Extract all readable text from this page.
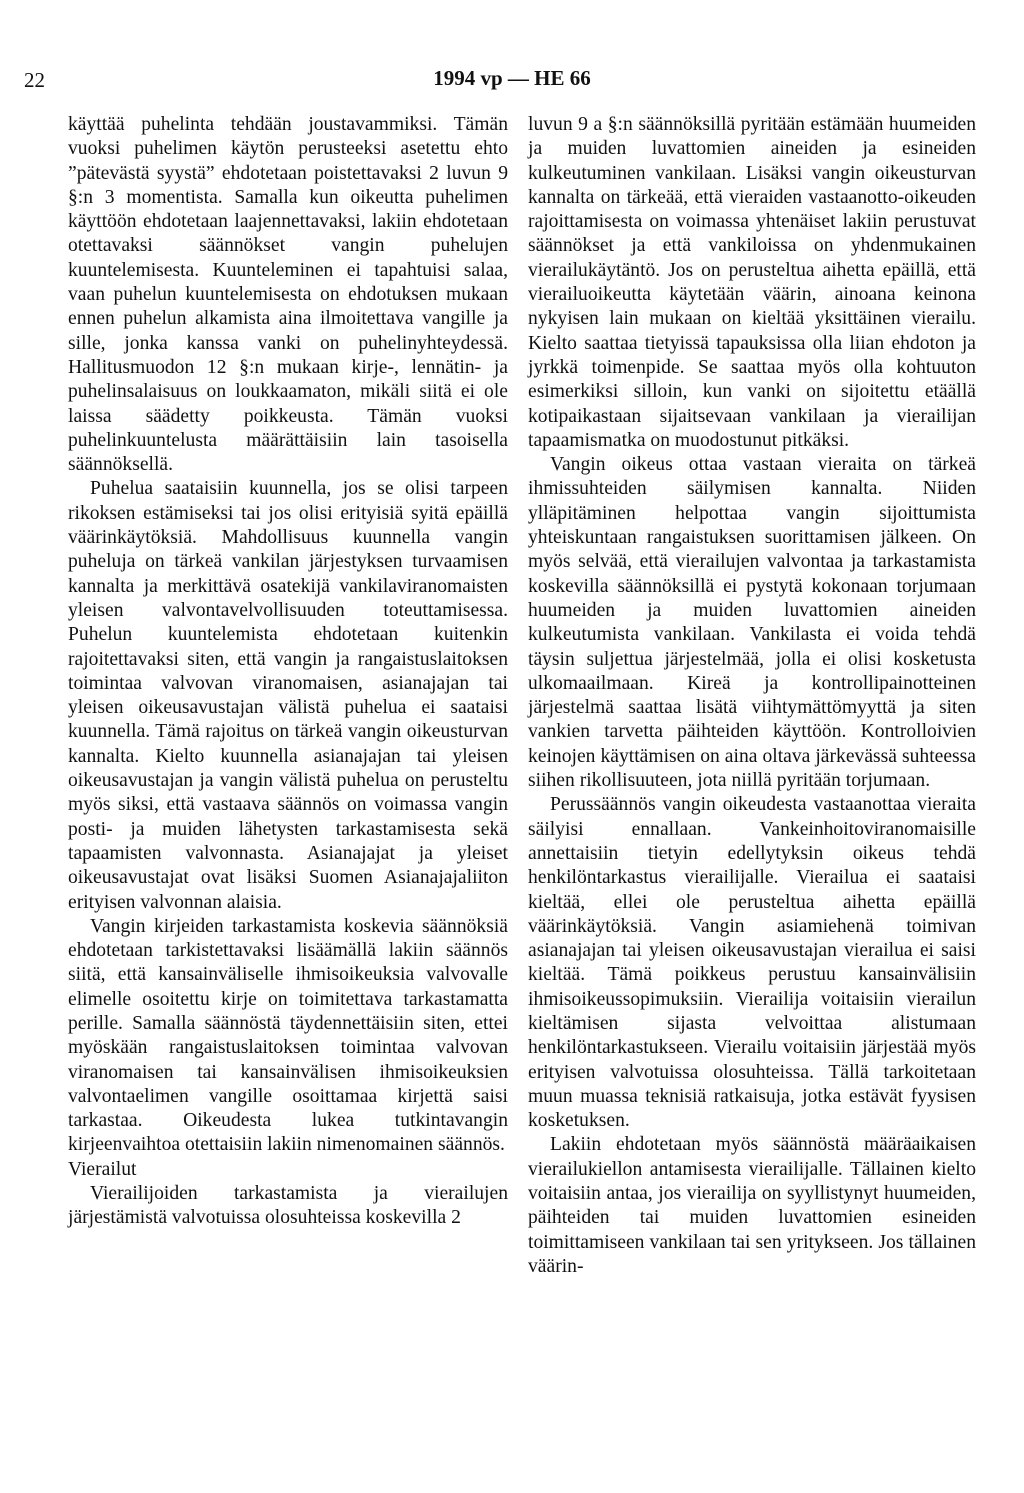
22	1994 vp — HE 66

käyttää puhelinta tehdään joustavammiksi. Tämän vuoksi puhelimen käytön perusteeksi asetettu ehto ”pätevästä syystä” ehdotetaan poistettavaksi 2 luvun 9 §:n 3 momentista. Samalla kun oikeutta puhelimen käyttöön ehdotetaan laajennettavaksi, lakiin ehdotetaan otettavaksi säännökset vangin puhelujen kuuntelemisesta. Kuunteleminen ei tapahtuisi salaa, vaan puhelun kuuntelemisesta on ehdotuksen mukaan ennen puhelun alkamista aina ilmoitettava vangille ja sille, jonka kanssa vanki on puhelinyhteydessä. Hallitusmuodon 12 §:n mukaan kirje-, lennätin- ja puhelinsalaisuus on loukkaamaton, mikäli siitä ei ole laissa säädetty poikkeusta. Tämän vuoksi puhelinkuuntelusta määrättäisiin lain tasoisella säännöksellä.

Puhelua saataisiin kuunnella, jos se olisi tarpeen rikoksen estämiseksi tai jos olisi erityisiä syitä epäillä väärinkäytöksiä. Mahdollisuus kuunnella vangin puheluja on tärkeä vankilan järjestyksen turvaamisen kannalta ja merkittävä osatekijä vankilaviranomaisten yleisen valvontavelvollisuuden toteuttamisessa. Puhelun kuuntelemista ehdotetaan kuitenkin rajoitettavaksi siten, että vangin ja rangaistuslaitoksen toimintaa valvovan viranomaisen, asianajajan tai yleisen oikeusavustajan välistä puhelua ei saataisi kuunnella. Tämä rajoitus on tärkeä vangin oikeusturvan kannalta. Kielto kuunnella asianajajan tai yleisen oikeusavustajan ja vangin välistä puhelua on perusteltu myös siksi, että vastaava säännös on voimassa vangin posti- ja muiden lähetysten tarkastamisesta sekä tapaamisten valvonnasta. Asianajajat ja yleiset oikeusavustajat ovat lisäksi Suomen Asianajajaliiton erityisen valvonnan alaisia.

Vangin kirjeiden tarkastamista koskevia säännöksiä ehdotetaan tarkistettavaksi lisäämällä lakiin säännös siitä, että kansainväliselle ihmisoikeuksia valvovalle elimelle osoitettu kirje on toimitettava tarkastamatta perille. Samalla säännöstä täydennettäisiin siten, ettei myöskään rangaistuslaitoksen toimintaa valvovan viranomaisen tai kansainvälisen ihmisoikeuksien valvontaelimen vangille osoittamaa kirjettä saisi tarkastaa. Oikeudesta lukea tutkintavangin kirjeenvaihtoa otettaisiin lakiin nimenomainen säännös.

Vierailut

Vierailijoiden tarkastamista ja vierailujen järjestämistä valvotuissa olosuhteissa koskevilla 2

luvun 9 a §:n säännöksillä pyritään estämään huumeiden ja muiden luvattomien aineiden ja esineiden kulkeutuminen vankilaan. Lisäksi vangin oikeusturvan kannalta on tärkeää, että vieraiden vastaanotto-oikeuden rajoittamisesta on voimassa yhtenäiset lakiin perustuvat säännökset ja että vankiloissa on yhdenmukainen vierailukäytäntö. Jos on perusteltua aihetta epäillä, että vierailuoikeutta käytetään väärin, ainoana keinona nykyisen lain mukaan on kieltää yksittäinen vierailu. Kielto saattaa tietyissä tapauksissa olla liian ehdoton ja jyrkkä toimenpide. Se saattaa myös olla kohtuuton esimerkiksi silloin, kun vanki on sijoitettu etäällä kotipaikastaan sijaitsevaan vankilaan ja vierailijan tapaamismatka on muodostunut pitkäksi.

Vangin oikeus ottaa vastaan vieraita on tärkeä ihmissuhteiden säilymisen kannalta. Niiden ylläpitäminen helpottaa vangin sijoittumista yhteiskuntaan rangaistuksen suorittamisen jälkeen. On myös selvää, että vierailujen valvontaa ja tarkastamista koskevilla säännöksillä ei pystytä kokonaan torjumaan huumeiden ja muiden luvattomien aineiden kulkeutumista vankilaan. Vankilasta ei voida tehdä täysin suljettua järjestelmää, jolla ei olisi kosketusta ulkomaailmaan. Kireä ja kontrollipainotteinen järjestelmä saattaa lisätä viihtymättömyyttä ja siten vankien tarvetta päihteiden käyttöön. Kontrolloivien keinojen käyttämisen on aina oltava järkevässä suhteessa siihen rikollisuuteen, jota niillä pyritään torjumaan.

Perussäännös vangin oikeudesta vastaanottaa vieraita säilyisi ennallaan. Vankeinhoitoviranomaisille annettaisiin tietyin edellytyksin oikeus tehdä henkilöntarkastus vierailijalle. Vierailua ei saataisi kieltää, ellei ole perusteltua aihetta epäillä väärinkäytöksiä. Vangin asiamiehenä toimivan asianajajan tai yleisen oikeusavustajan vierailua ei saisi kieltää. Tämä poikkeus perustuu kansainvälisiin ihmisoikeussopimuksiin. Vierailija voitaisiin vierailun kieltämisen sijasta velvoittaa alistumaan henkilöntarkastukseen. Vierailu voitaisiin järjestää myös erityisen valvotuissa olosuhteissa. Tällä tarkoitetaan muun muassa teknisiä ratkaisuja, jotka estävät fyysisen kosketuksen.

Lakiin ehdotetaan myös säännöstä määräaikaisen vierailukiellon antamisesta vierailijalle. Tällainen kielto voitaisiin antaa, jos vierailija on syyllistynyt huumeiden, päihteiden tai muiden luvattomien esineiden toimittamiseen vankilaan tai sen yritykseen. Jos tällainen väärin-
